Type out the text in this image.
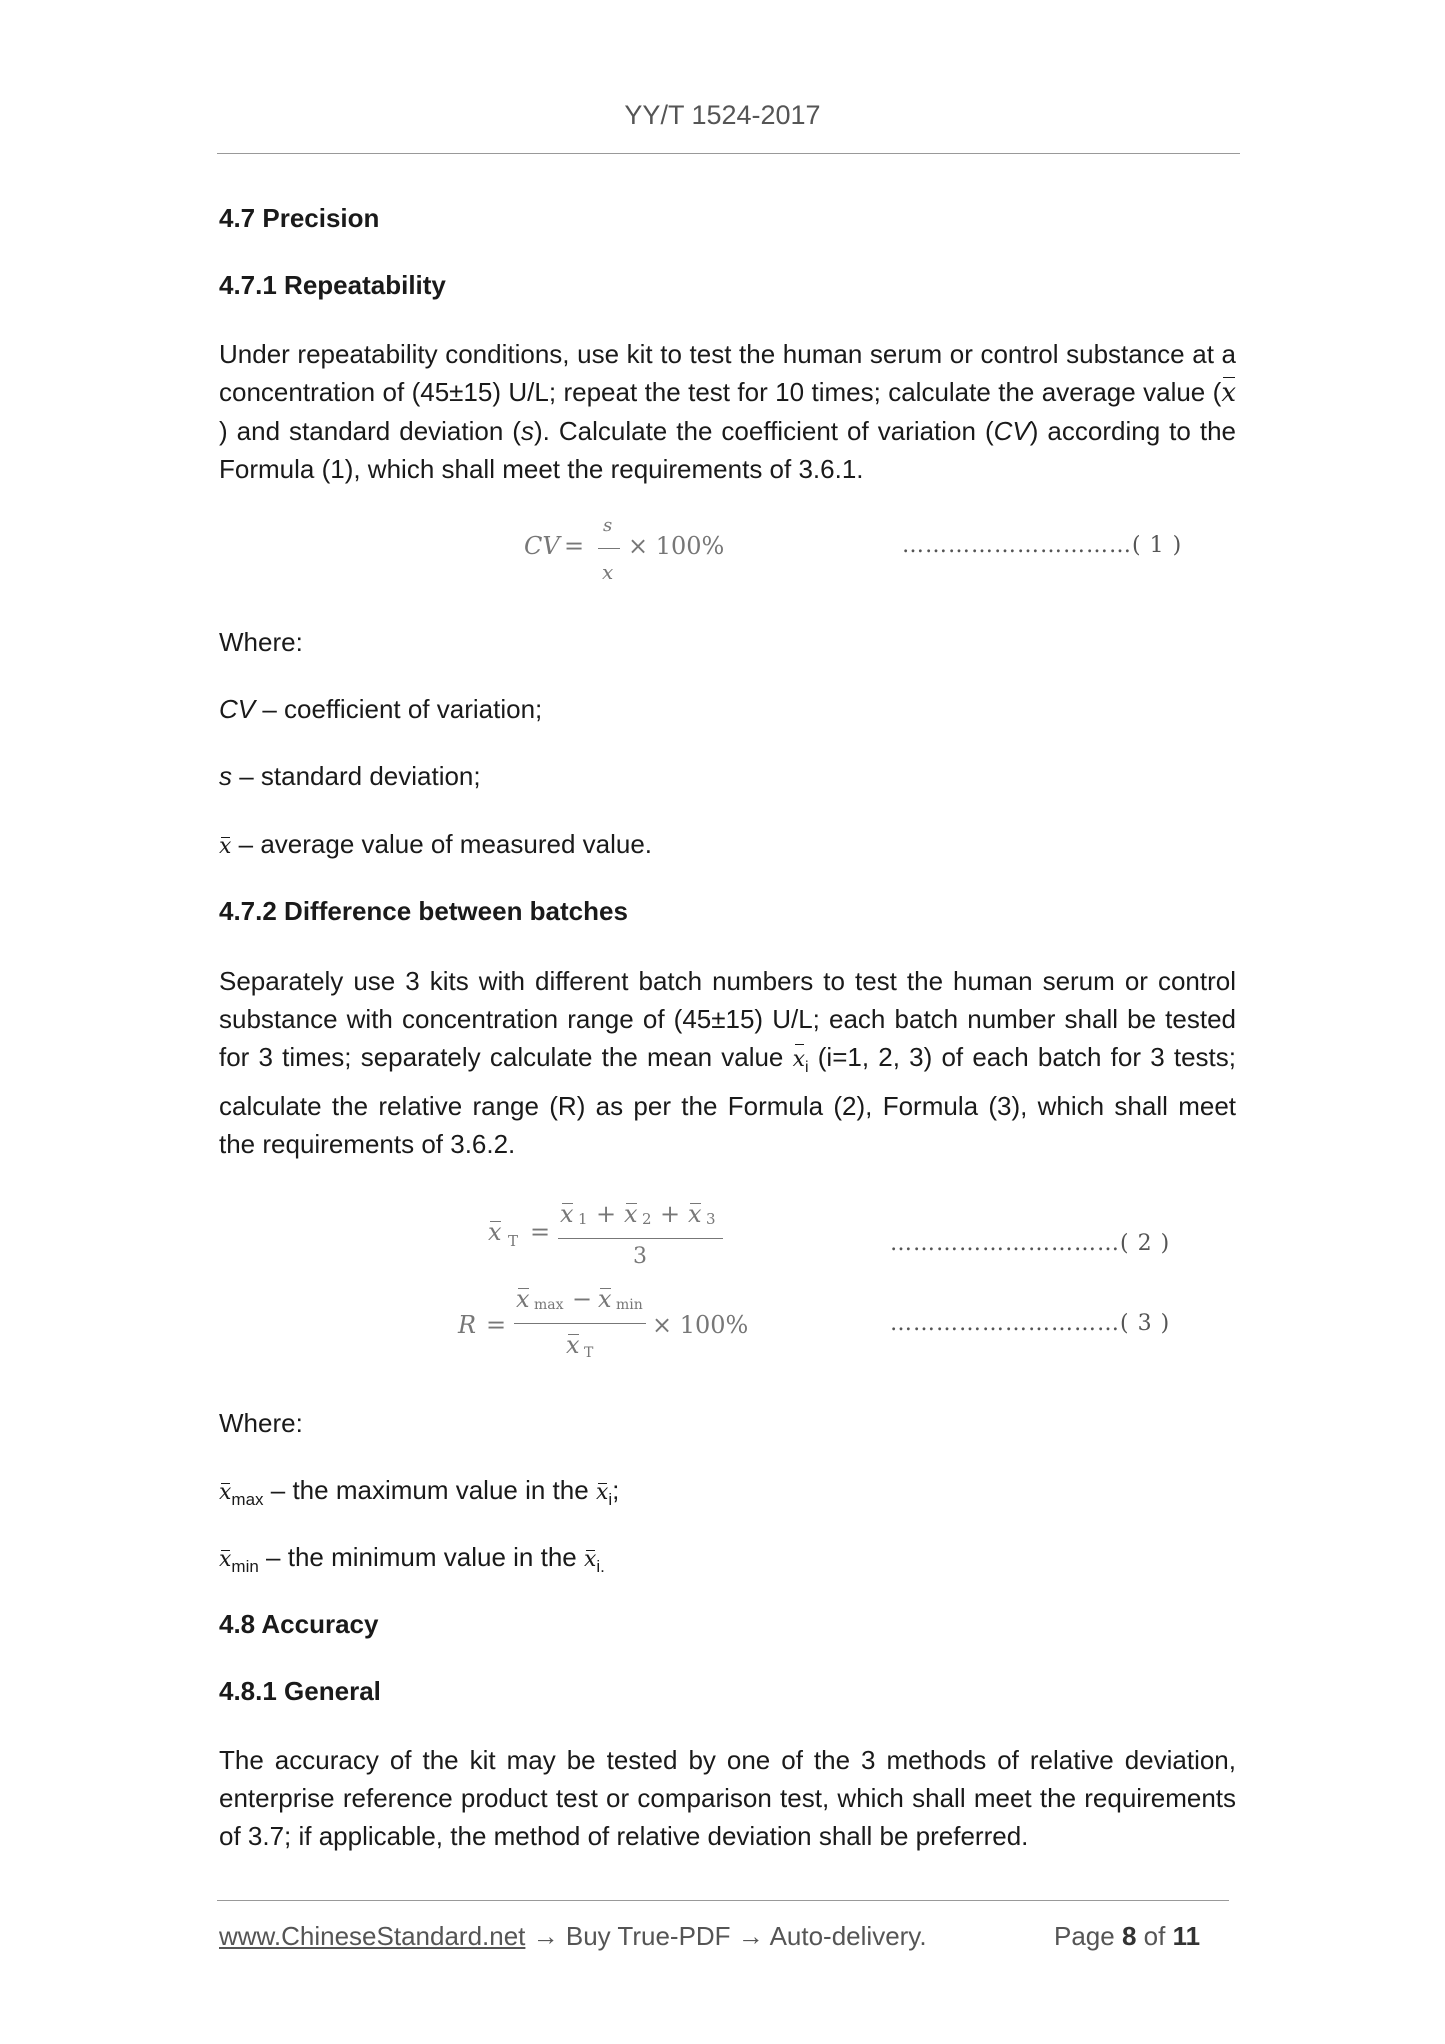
YY/T 1524-2017
4.7 Precision
4.7.1 Repeatability

Under repeatability conditions, use kit to test the human serum or control substance at a concentration of (45±15) U/L; repeat the test for 10 times; calculate the average value (x) and standard deviation (s). Calculate the coefficient of variation (CV) according to the Formula (1), which shall meet the requirements of 3.6.1.

CV =
s
x
× 100%	…………………………( 1 )

Where:

CV – coefficient of variation;

s – standard deviation;

x – average value of measured value.

4.7.2 Difference between batches

Separately use 3 kits with different batch numbers to test the human serum or control substance with concentration range of (45±15) U/L; each batch number shall be tested for 3 times; separately calculate the mean value $x_i$ (i=1, 2, 3) of each batch for 3 tests; calculate the relative range (R) as per the Formula (2), Formula (3), which shall meet the requirements of 3.6.2.

x T =
x 1 + x 2 + x 3
3
…………………………( 2 )
R =
x max − x min
x T
× 100%	…………………………( 3 )

Where:

$x_{max}$ – the maximum value in the $x_i$;

$x_{min}$ – the minimum value in the $x_{i.}$

4.8 Accuracy
4.8.1 General

The accuracy of the kit may be tested by one of the 3 methods of relative deviation, enterprise reference product test or comparison test, which shall meet the requirements of 3.7; if applicable, the method of relative deviation shall be preferred.

www.ChineseStandard.net → Buy True-PDF → Auto-delivery.	Page 8 of 11
